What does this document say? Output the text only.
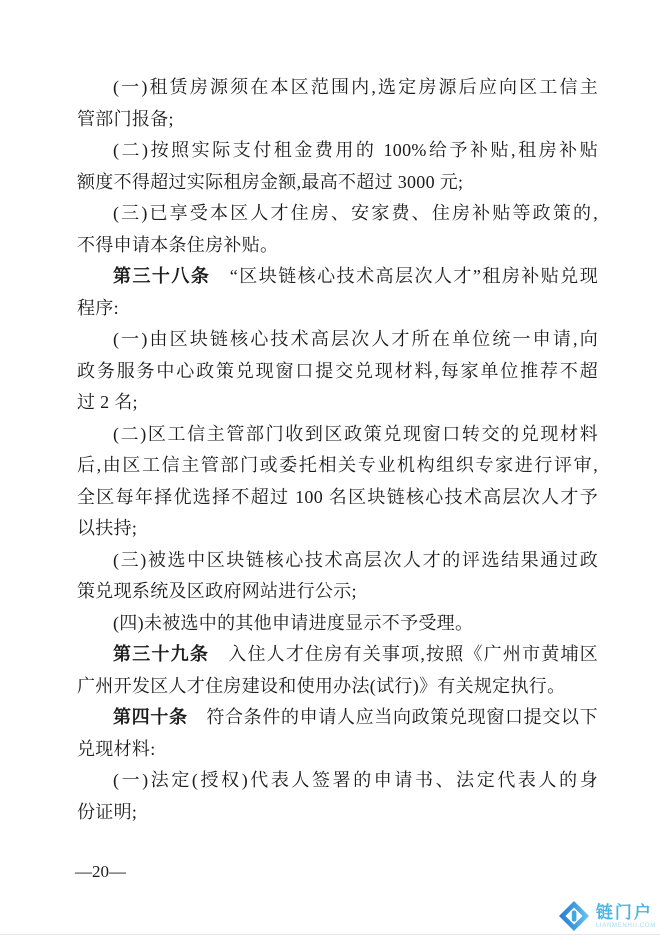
(一)租赁房源须在本区范围内,选定房源后应向区工信主
管部门报备;
(二)按照实际支付租金费用的 100%给予补贴,租房补贴
额度不得超过实际租房金额,最高不超过 3000 元;
(三)已享受本区人才住房、安家费、住房补贴等政策的,
不得申请本条住房补贴。
第三十八条　“区块链核心技术高层次人才”租房补贴兑现
程序:
(一)由区块链核心技术高层次人才所在单位统一申请,向
政务服务中心政策兑现窗口提交兑现材料,每家单位推荐不超
过 2 名;
(二)区工信主管部门收到区政策兑现窗口转交的兑现材料
后,由区工信主管部门或委托相关专业机构组织专家进行评审,
全区每年择优选择不超过 100 名区块链核心技术高层次人才予
以扶持;
(三)被选中区块链核心技术高层次人才的评选结果通过政
策兑现系统及区政府网站进行公示;
(四)未被选中的其他申请进度显示不予受理。
第三十九条　入住人才住房有关事项,按照《广州市黄埔区
广州开发区人才住房建设和使用办法(试行)》有关规定执行。
第四十条　符合条件的申请人应当向政策兑现窗口提交以下
兑现材料:
(一)法定(授权)代表人签署的申请书、法定代表人的身
份证明;
—20—
链门户
LIANMENHU.COM
